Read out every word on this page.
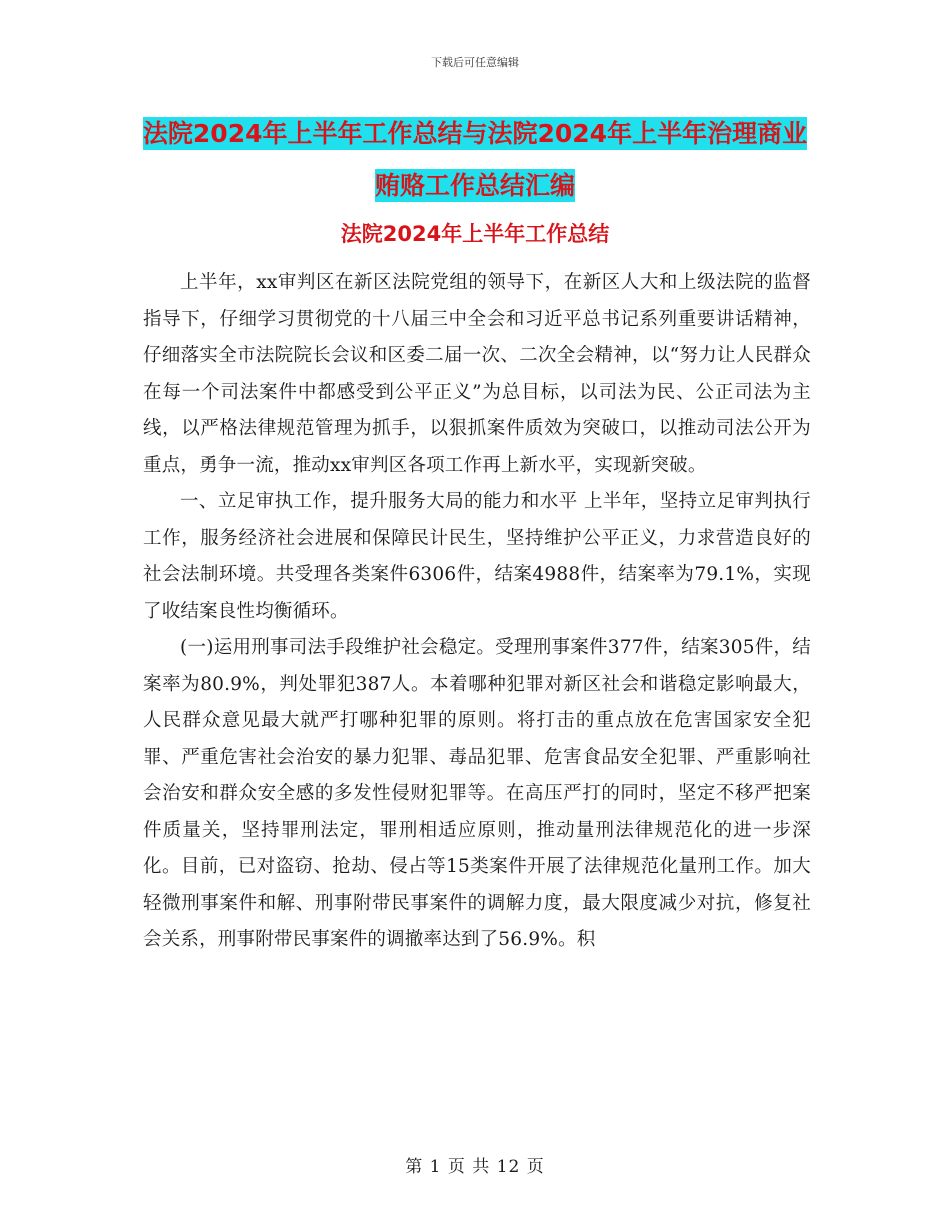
下载后可任意编辑
法院2024年上半年工作总结与法院2024年上半年治理商业贿赂工作总结汇编
法院2024年上半年工作总结

上半年，xx审判区在新区法院党组的领导下，在新区人大和上级法院的监督指导下，仔细学习贯彻党的十八届三中全会和习近平总书记系列重要讲话精神，仔细落实全市法院院长会议和区委二届一次、二次全会精神，以“努力让人民群众在每一个司法案件中都感受到公平正义”为总目标，以司法为民、公正司法为主线，以严格法律规范管理为抓手，以狠抓案件质效为突破口，以推动司法公开为重点，勇争一流，推动xx审判区各项工作再上新水平，实现新突破。

一、立足审执工作，提升服务大局的能力和水平 上半年，坚持立足审判执行工作，服务经济社会进展和保障民计民生，坚持维护公平正义，力求营造良好的社会法制环境。共受理各类案件6306件，结案4988件，结案率为79.1%，实现了收结案良性均衡循环。

(一)运用刑事司法手段维护社会稳定。受理刑事案件377件，结案305件，结案率为80.9%，判处罪犯387人。本着哪种犯罪对新区社会和谐稳定影响最大，人民群众意见最大就严打哪种犯罪的原则。将打击的重点放在危害国家安全犯罪、严重危害社会治安的暴力犯罪、毒品犯罪、危害食品安全犯罪、严重影响社会治安和群众安全感的多发性侵财犯罪等。在高压严打的同时，坚定不移严把案件质量关，坚持罪刑法定，罪刑相适应原则，推动量刑法律规范化的进一步深化。目前，已对盗窃、抢劫、侵占等15类案件开展了法律规范化量刑工作。加大轻微刑事案件和解、刑事附带民事案件的调解力度，最大限度减少对抗，修复社会关系，刑事附带民事案件的调撤率达到了56.9%。积

第 1 页 共 12 页
